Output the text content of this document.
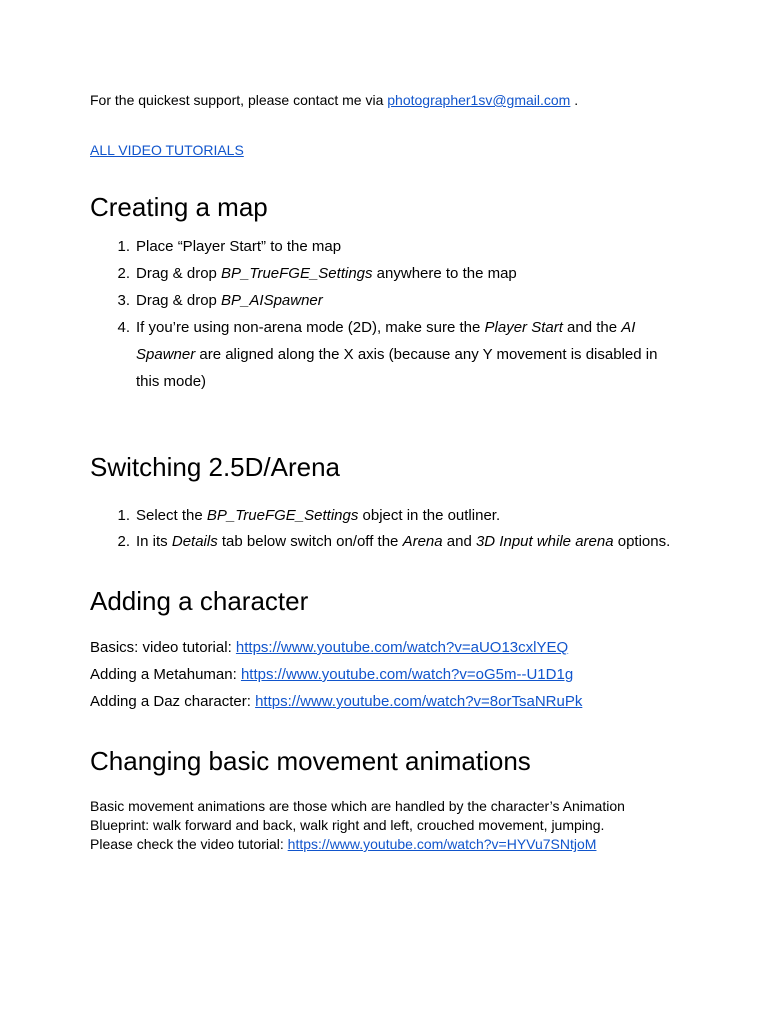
For the quickest support, please contact me via photographer1sv@gmail.com .
ALL VIDEO TUTORIALS
Creating a map
1. Place “Player Start” to the map
2. Drag & drop BP_TrueFGE_Settings anywhere to the map
3. Drag & drop BP_AISpawner
4. If you’re using non-arena mode (2D), make sure the Player Start and the AI
Spawner are aligned along the X axis (because any Y movement is disabled in
this mode)
Switching 2.5D/Arena
1. Select the BP_TrueFGE_Settings object in the outliner.
2. In its Details tab below switch on/off the Arena and 3D Input while arena options.
Adding a character
Basics: video tutorial: https://www.youtube.com/watch?v=aUO13cxlYEQ
Adding a Metahuman: https://www.youtube.com/watch?v=oG5m--U1D1g
Adding a Daz character: https://www.youtube.com/watch?v=8orTsaNRuPk
Changing basic movement animations
Basic movement animations are those which are handled by the character’s Animation
Blueprint: walk forward and back, walk right and left, crouched movement, jumping.
Please check the video tutorial: https://www.youtube.com/watch?v=HYVu7SNtjoM
